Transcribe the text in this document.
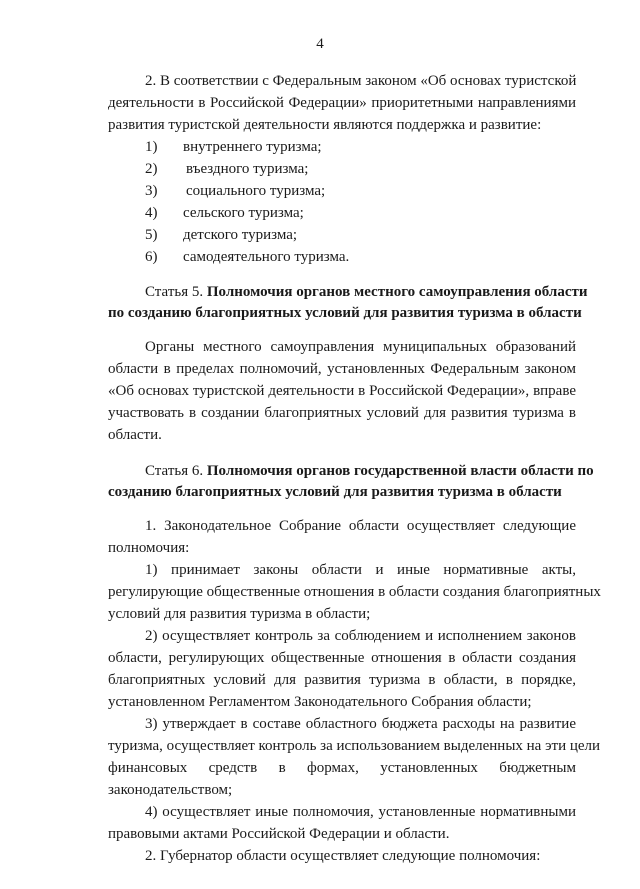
4
2. В соответствии с Федеральным законом «Об основах туристской
деятельности в Российской Федерации» приоритетными направлениями
развития туристской деятельности являются поддержка и развитие:
1) внутреннего туризма;
2) въездного туризма;
3) социального туризма;
4) сельского туризма;
5) детского туризма;
6) самодеятельного туризма.
Статья 5. Полномочия органов местного самоуправления области
по созданию благоприятных условий для развития туризма в области
Органы местного самоуправления муниципальных образований
области в пределах полномочий, установленных Федеральным законом
«Об основах туристской деятельности в Российской Федерации», вправе
участвовать в создании благоприятных условий для развития туризма в
области.
Статья 6. Полномочия органов государственной власти области по
созданию благоприятных условий для развития туризма в области
1. Законодательное Собрание области осуществляет следующие
полномочия:
1) принимает законы области и иные нормативные акты,
регулирующие общественные отношения в области создания благоприятных
условий для развития туризма в области;
2) осуществляет контроль за соблюдением и исполнением законов
области, регулирующих общественные отношения в области создания
благоприятных условий для развития туризма в области, в порядке,
установленном Регламентом Законодательного Собрания области;
3) утверждает в составе областного бюджета расходы на развитие
туризма, осуществляет контроль за использованием выделенных на эти цели
финансовых средств в формах, установленных бюджетным
законодательством;
4) осуществляет иные полномочия, установленные нормативными
правовыми актами Российской Федерации и области.
2. Губернатор области осуществляет следующие полномочия:
